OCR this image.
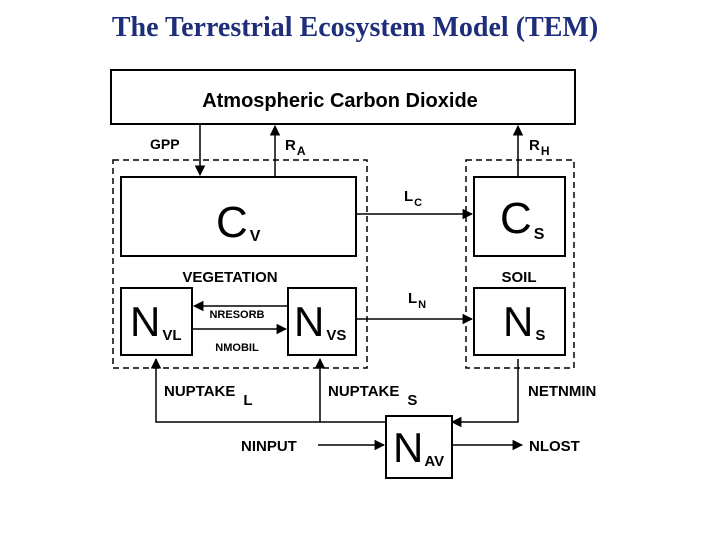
The Terrestrial Ecosystem Model (TEM)
Atmospheric Carbon Dioxide
C V	C S
VEGETATION	SOIL
NVL	NVS	N S
NAV
GPP	$R_A$	$R_H$
$L_C$
$L_N$
NRESORB
NMOBIL
NUPTAKEL
NUPTAKES
NETNMIN
NINPUT	NLOST
